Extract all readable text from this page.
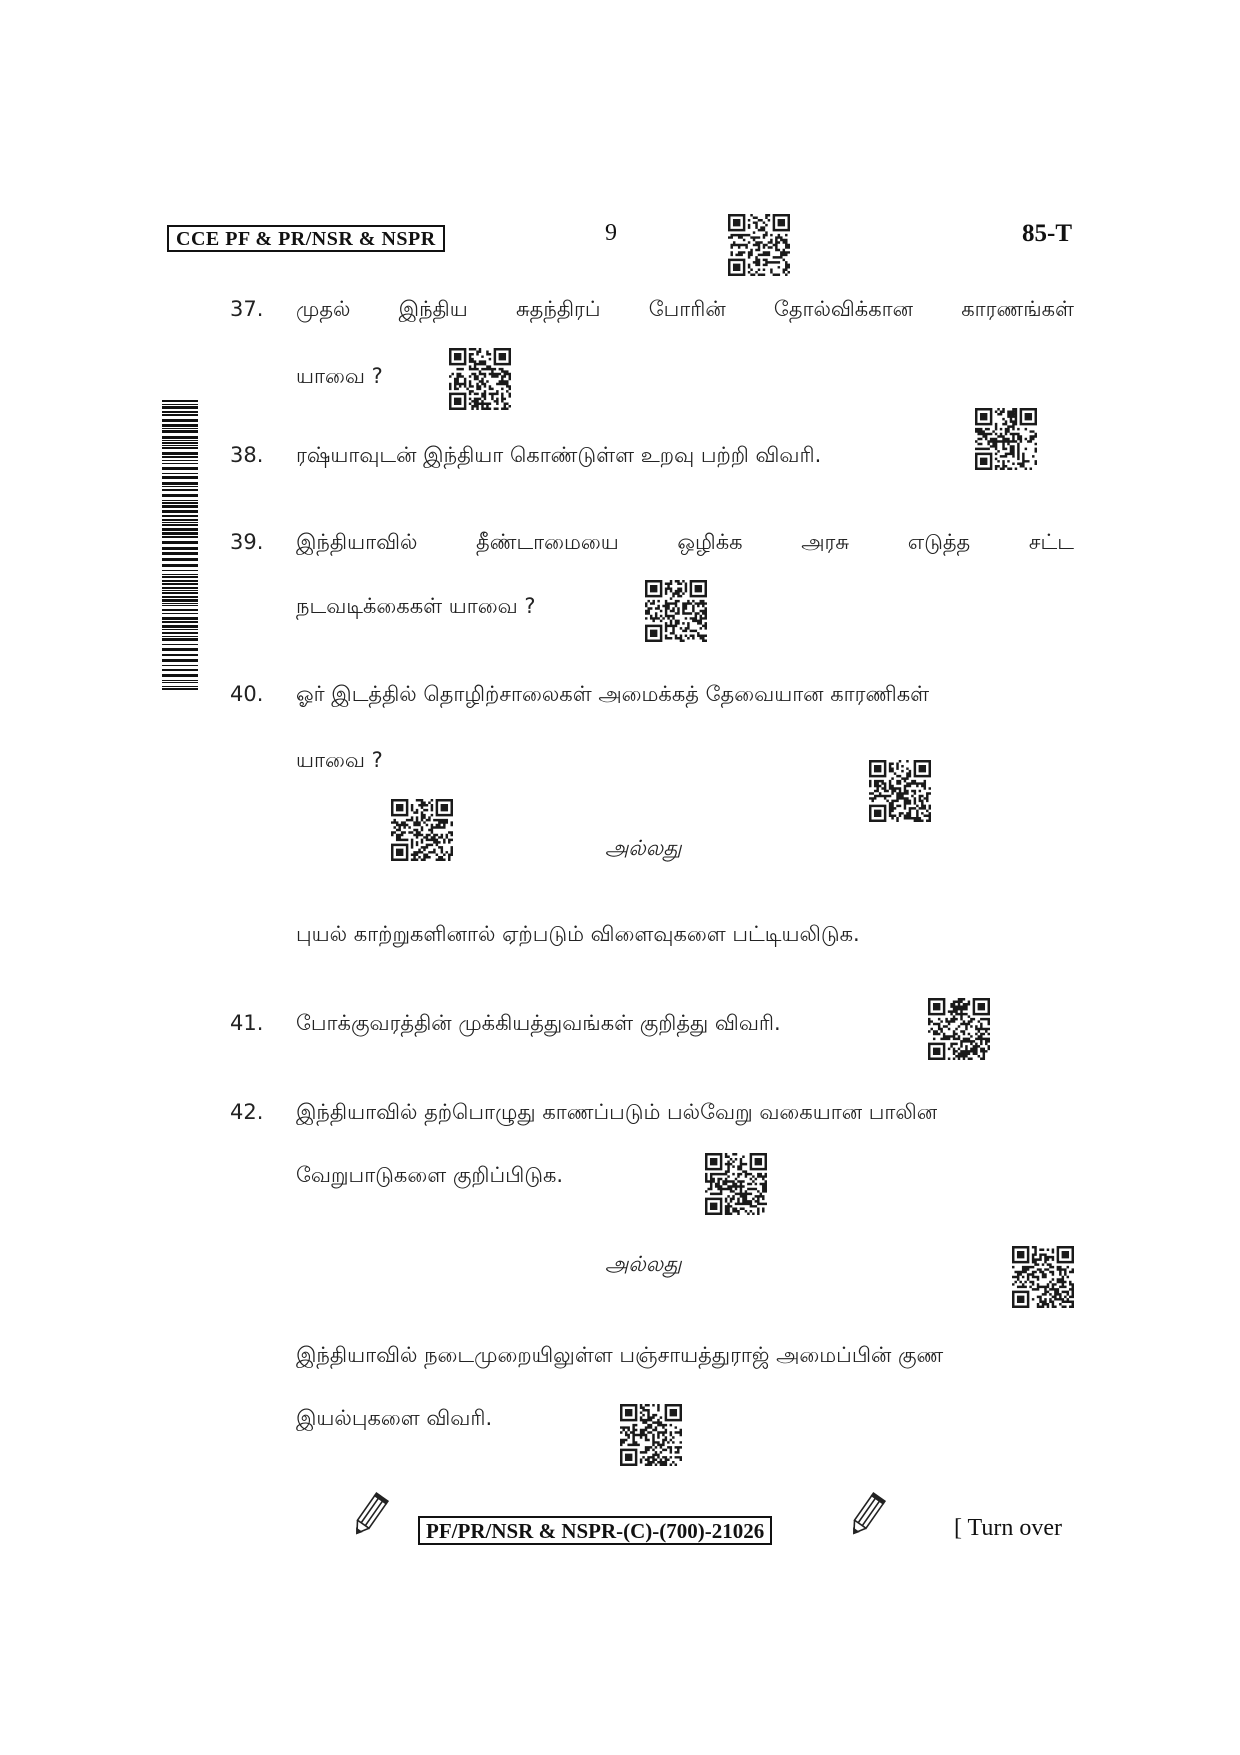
CCE PF & PR/NSR & NSPR	9	85-T
37. முதல் இந்திய சுதந்திரப் போரின் தோல்விக்கான காரணங்கள்
யாவை ?
38. ரஷ்யாவுடன் இந்தியா கொண்டுள்ள உறவு பற்றி விவரி.
39. இந்தியாவில்	தீண்டாமையை	ஒழிக்க	அரசு	எடுத்த	சட்ட
நடவடிக்கைகள் யாவை ?
40. ஓர் இடத்தில் தொழிற்சாலைகள் அமைக்கத் தேவையான காரணிகள்
யாவை ?
அல்லது
புயல் காற்றுகளினால் ஏற்படும் விளைவுகளை பட்டியலிடுக.
41. போக்குவரத்தின் முக்கியத்துவங்கள் குறித்து விவரி.
42. இந்தியாவில் தற்பொழுது காணப்படும் பல்வேறு வகையான பாலின
வேறுபாடுகளை குறிப்பிடுக.
அல்லது
இந்தியாவில் நடைமுறையிலுள்ள பஞ்சாயத்துராஜ் அமைப்பின் குண
இயல்புகளை விவரி.
PF/PR/NSR & NSPR-(C)-(700)-21026	[ Turn over
